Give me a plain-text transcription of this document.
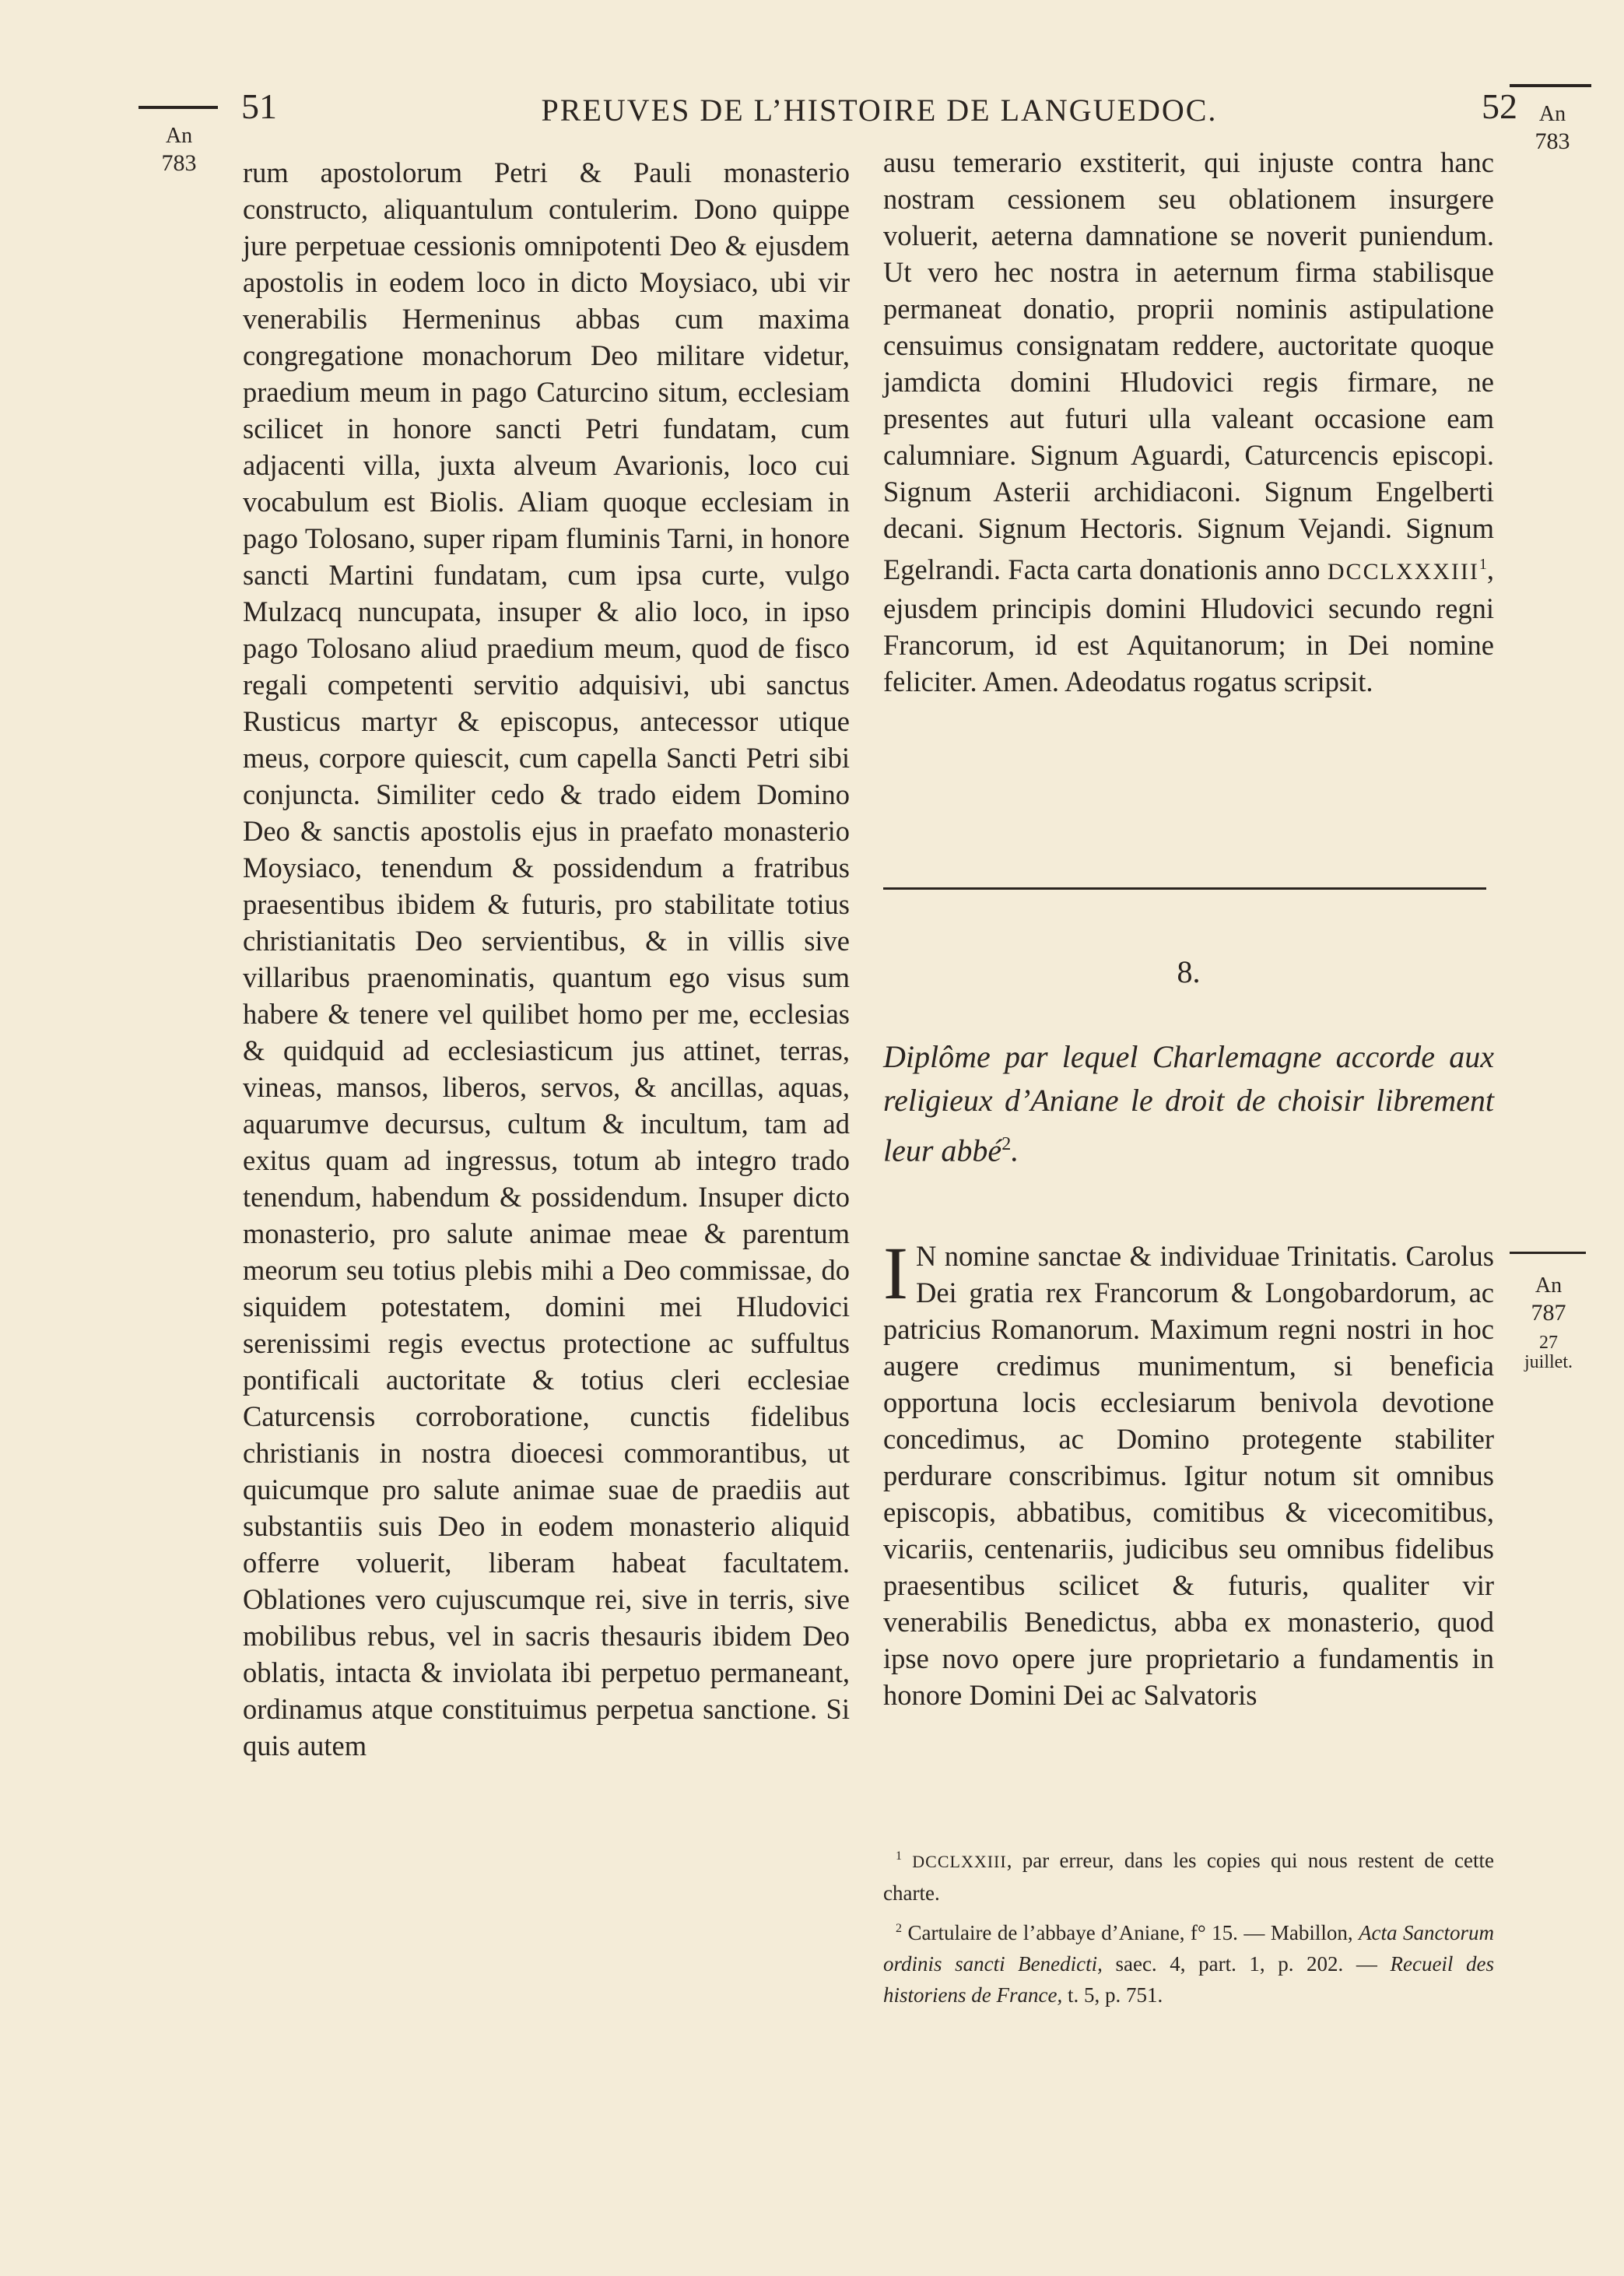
An
783
An
783
An
787
27
juillet.
51	PREUVES DE L’HISTOIRE DE LANGUEDOC.	52

rum apostolorum Petri & Pauli monasterio constructo, aliquantulum contulerim. Dono quippe jure perpetuae cessionis omnipotenti Deo & ejusdem apostolis in eodem loco in dicto Moysiaco, ubi vir venerabilis Hermeninus abbas cum maxima congregatione monachorum Deo militare videtur, praedium meum in pago Caturcino situm, ecclesiam scilicet in honore sancti Petri fundatam, cum adjacenti villa, juxta alveum Avarionis, loco cui vocabulum est Biolis. Aliam quoque ecclesiam in pago Tolosano, super ripam fluminis Tarni, in honore sancti Martini fundatam, cum ipsa curte, vulgo Mulzacq nuncupata, insuper & alio loco, in ipso pago Tolosano aliud praedium meum, quod de fisco regali competenti servitio adquisivi, ubi sanctus Rusticus martyr & episcopus, antecessor utique meus, corpore quiescit, cum capella Sancti Petri sibi conjuncta. Similiter cedo & trado eidem Domino Deo & sanctis apostolis ejus in praefato monasterio Moysiaco, tenendum & possidendum a fratribus praesentibus ibidem & futuris, pro stabilitate totius christianitatis Deo servientibus, & in villis sive villaribus praenominatis, quantum ego visus sum habere & tenere vel quilibet homo per me, ecclesias & quidquid ad ecclesiasticum jus attinet, terras, vineas, mansos, liberos, servos, & ancillas, aquas, aquarumve decursus, cultum & incultum, tam ad exitus quam ad ingressus, totum ab integro trado tenendum, habendum & possidendum. Insuper dicto monasterio, pro salute animae meae & parentum meorum seu totius plebis mihi a Deo commissae, do siquidem potestatem, domini mei Hludovici serenissimi regis evectus protectione ac suffultus pontificali auctoritate & totius cleri ecclesiae Caturcensis corroboratione, cunctis fidelibus christianis in nostra dioecesi commorantibus, ut quicumque pro salute animae suae de praediis aut substantiis suis Deo in eodem monasterio aliquid offerre voluerit, liberam habeat facultatem. Oblationes vero cujuscumque rei, sive in terris, sive mobilibus rebus, vel in sacris thesauris ibidem Deo oblatis, intacta & inviolata ibi perpetuo permaneant, ordinamus atque constituimus perpetua sanctione. Si quis autem

ausu temerario exstiterit, qui injuste contra hanc nostram cessionem seu oblationem insurgere voluerit, aeterna damnatione se noverit puniendum. Ut vero hec nostra in aeternum firma stabilisque permaneat donatio, proprii nominis astipulatione censuimus consignatam reddere, auctoritate quoque jamdicta domini Hludovici regis firmare, ne presentes aut futuri ulla valeant occasione eam calumniare. Signum Aguardi, Caturcencis episcopi. Signum Asterii archidiaconi. Signum Engelberti decani. Signum Hectoris. Signum Vejandi. Signum Egelrandi. Facta carta donationis anno DCCLXXXIII$^1$, ejusdem principis domini Hludovici secundo regni Francorum, id est Aquitanorum; in Dei nomine feliciter. Amen. Adeodatus rogatus scripsit.

8.
Diplôme par lequel Charlemagne accorde aux religieux d’Aniane le droit de choisir librement leur abbé$^2$.

I N nomine sanctae & individuae Trinitatis. Carolus Dei gratia rex Francorum & Longobardorum, ac patricius Romanorum. Maximum regni nostri in hoc augere credimus munimentum, si beneficia opportuna locis ecclesiarum benivola devotione concedimus, ac Domino protegente stabiliter perdurare conscribimus. Igitur notum sit omnibus episcopis, abbatibus, comitibus & vicecomitibus, vicariis, centenariis, judicibus seu omnibus fidelibus praesentibus scilicet & futuris, qualiter vir venerabilis Benedictus, abba ex monasterio, quod ipse novo opere jure proprietario a fundamentis in honore Domini Dei ac Salvatoris

$^1$ DCCLXXIII, par erreur, dans les copies qui nous restent de cette charte.

$^2$ Cartulaire de l’abbaye d’Aniane, f° 15. — Mabillon, Acta Sanctorum ordinis sancti Benedicti, saec. 4, part. 1, p. 202. — Recueil des historiens de France, t. 5, p. 751.
